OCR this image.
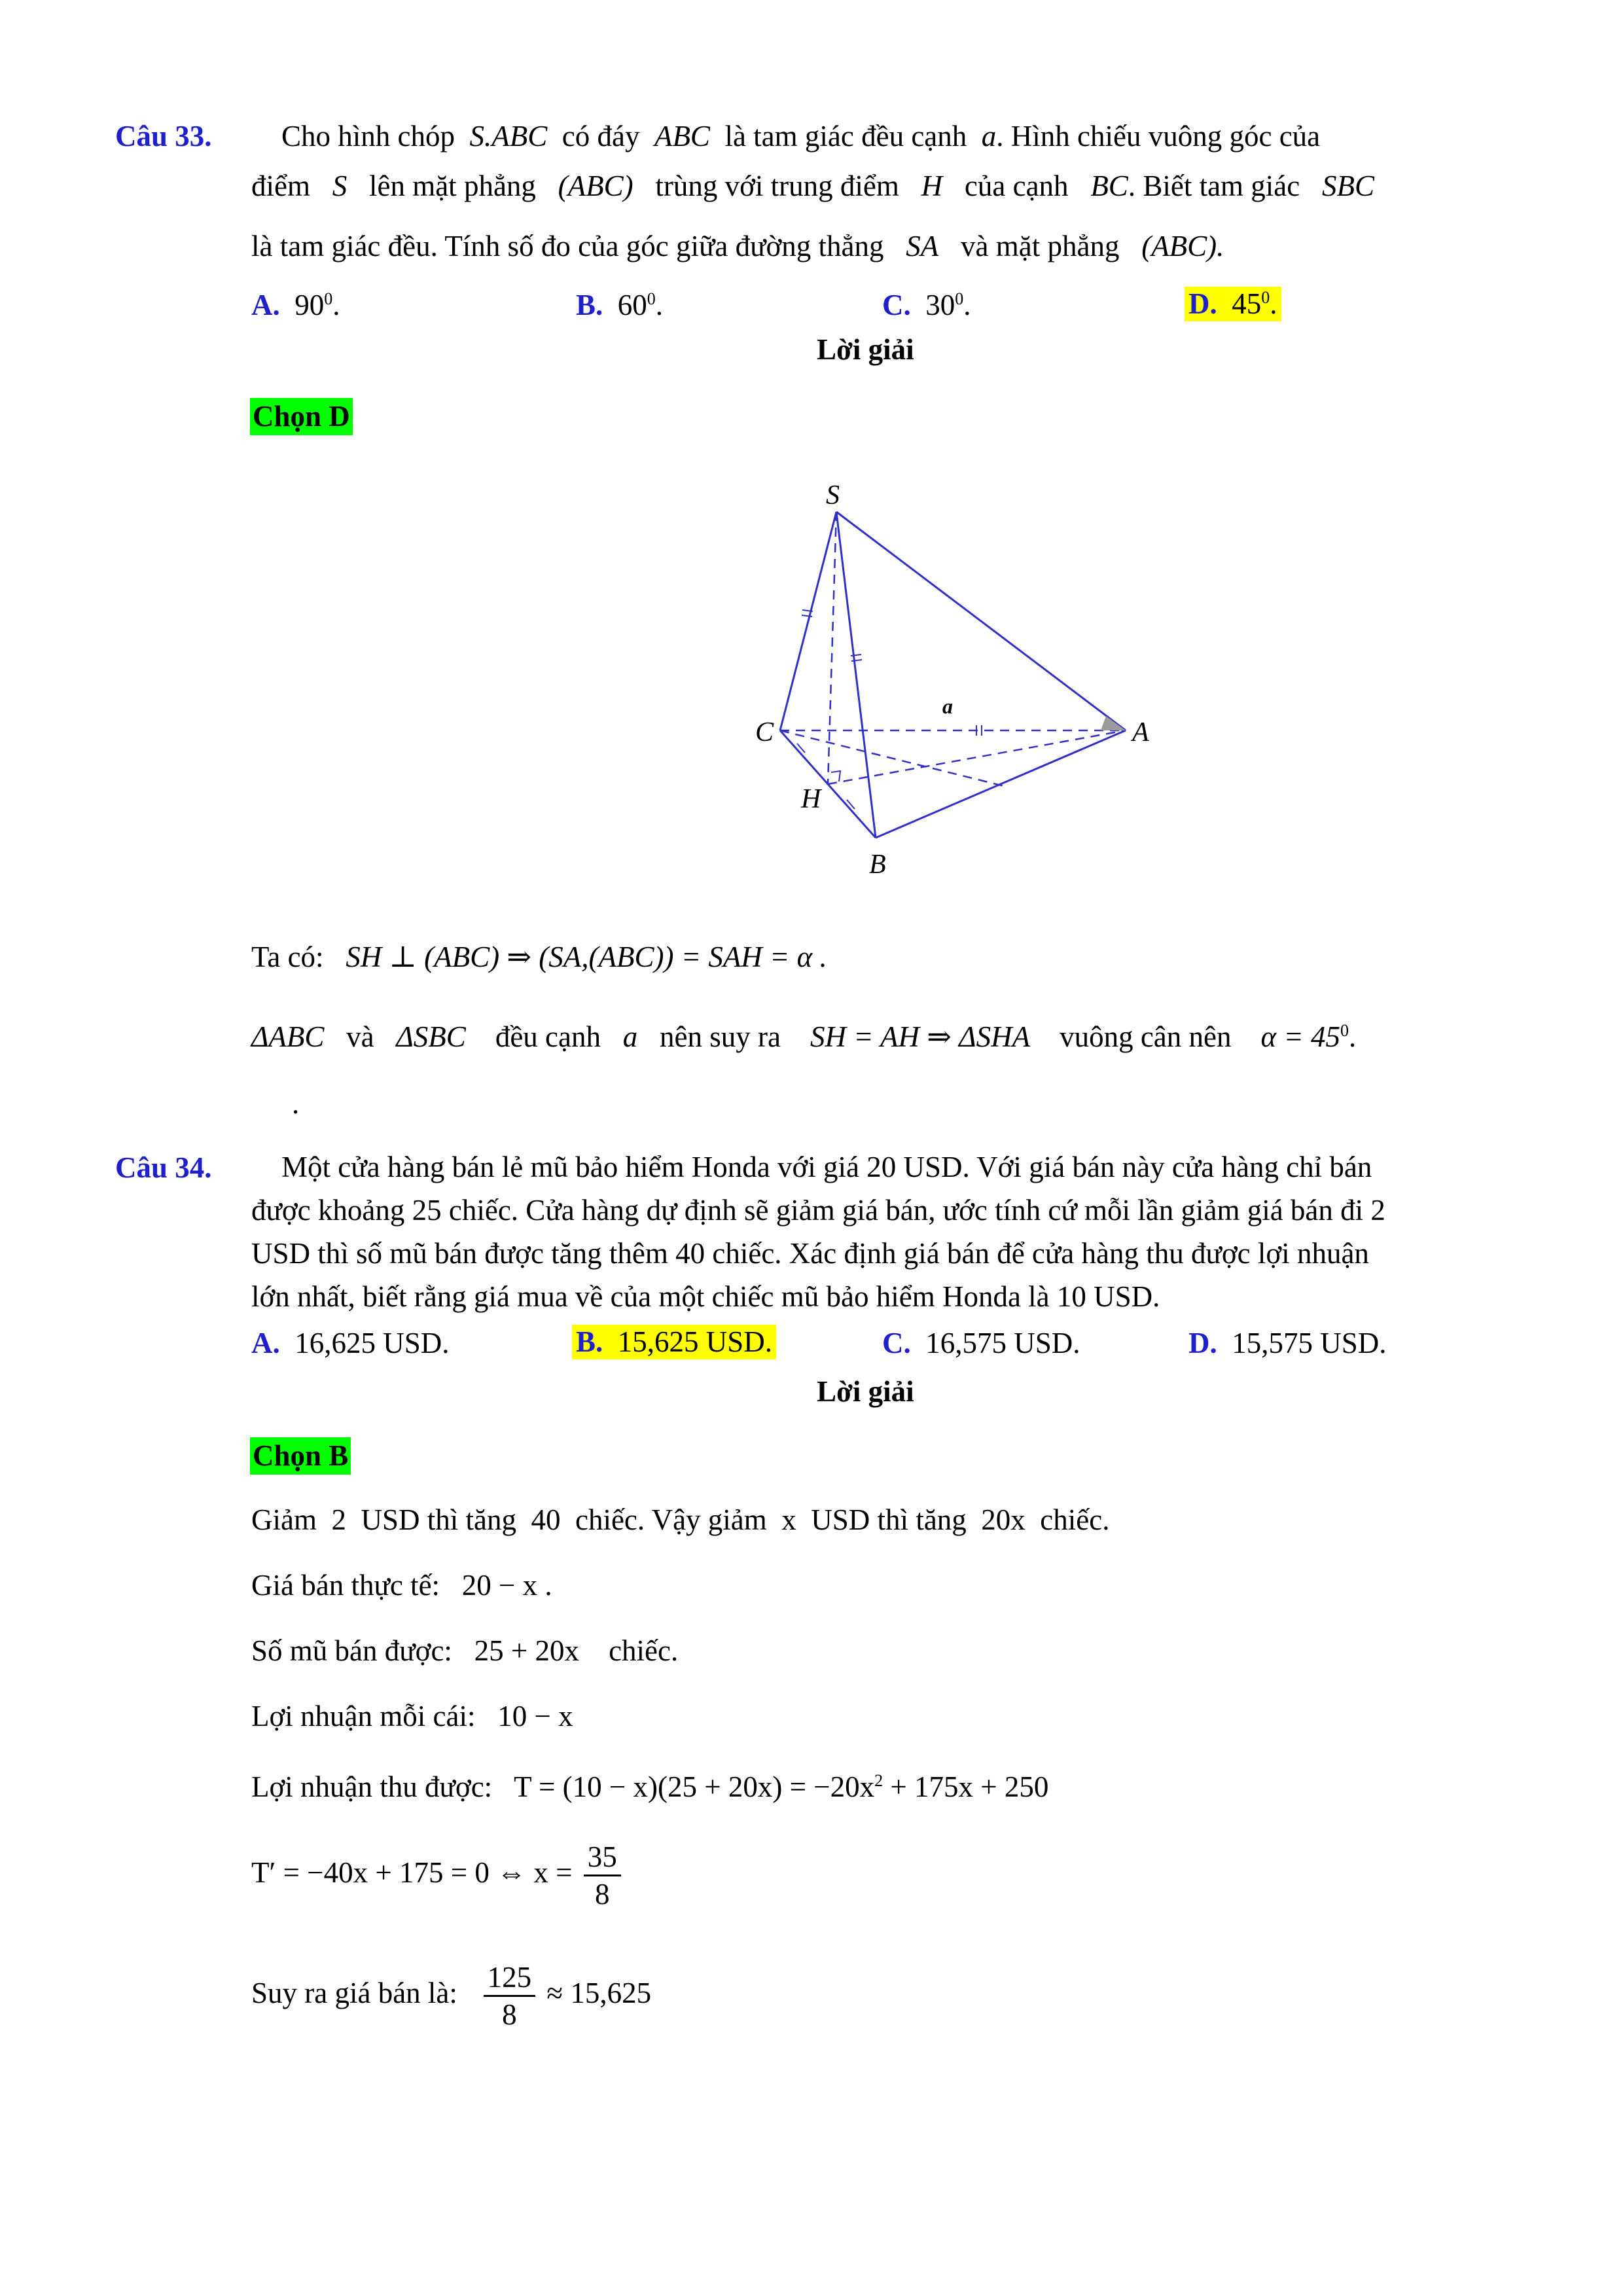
Câu 33. Cho hình chóp S.ABC có đáy ABC là tam giác đều cạnh a. Hình chiếu vuông góc của
điểm S lên mặt phẳng (ABC) trùng với trung điểm H của cạnh BC. Biết tam giác SBC
là tam giác đều. Tính số đo của góc giữa đường thẳng SA và mặt phẳng (ABC).
A. $90^0$.	B. $60^0$.	C. $30^0$.	D. $45^0$.
Lời giải
Chọn D
S
C	A
H
B
a
Ta có: SH ⊥ (ABC) ⇒ (SA,(ABC)) = SAH = α .
ΔABC và ΔSBC đều cạnh a nên suy ra SH = AH ⇒ ΔSHA vuông cân nên $\alpha = 45^0$.
.
Câu 34.	Một cửa hàng bán lẻ mũ bảo hiểm Honda với giá 20 USD. Với giá bán này cửa hàng chỉ bán
được khoảng 25 chiếc. Cửa hàng dự định sẽ giảm giá bán, ước tính cứ mỗi lần giảm giá bán đi 2
USD thì số mũ bán được tăng thêm 40 chiếc. Xác định giá bán để cửa hàng thu được lợi nhuận
lớn nhất, biết rằng giá mua về của một chiếc mũ bảo hiểm Honda là 10 USD.
A. 16,625 USD.	B. 15,625 USD.	C. 16,575 USD.	D. 15,575 USD.
Lời giải
Chọn B
Giảm  2  USD thì tăng  40  chiếc. Vậy giảm  x  USD thì tăng  20x  chiếc.
Giá bán thực tế: 20 − x .
Số mũ bán được: 25 + 20x chiếc.
Lợi nhuận mỗi cái: 10 − x
Lợi nhuận thu được: $T = (10 - x)(25 + 20x) = -20x^2 + 175x + 250$
T′ = −40x + 175 = 0 ⇔ $x = \frac{35}{8}$
Suy ra giá bán là: $\frac{125}{8} \approx 15,625$
